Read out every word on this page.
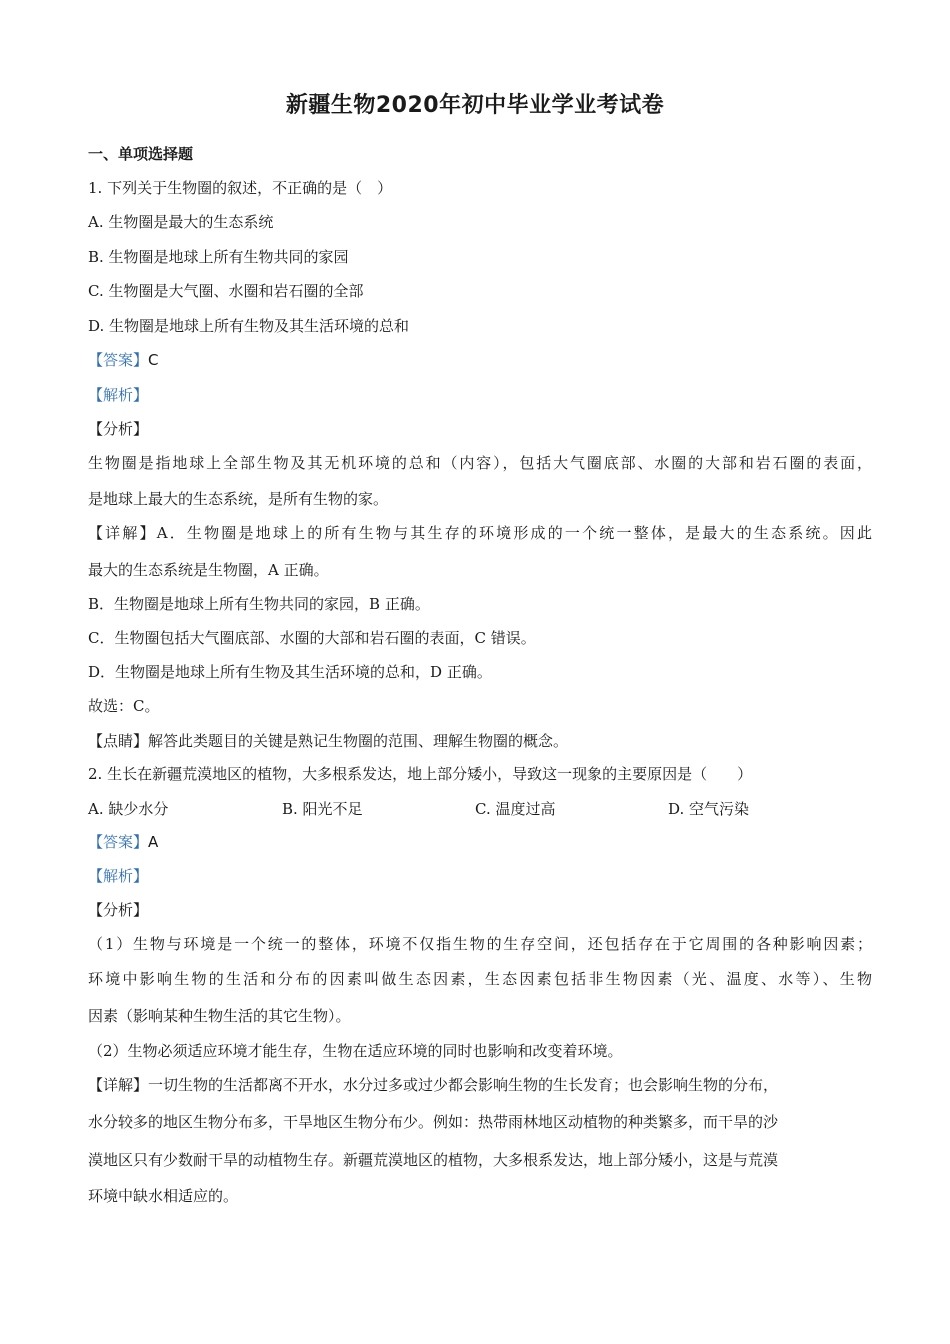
新疆生物2020年初中毕业学业考试卷
一、单项选择题
1. 下列关于生物圈的叙述，不正确的是（　）
A. 生物圈是最大的生态系统
B. 生物圈是地球上所有生物共同的家园
C. 生物圈是大气圈、水圈和岩石圈的全部
D. 生物圈是地球上所有生物及其生活环境的总和
【答案】C
【解析】
【分析】
生物圈是指地球上全部生物及其无机环境的总和（内容），包括大气圈底部、水圈的大部和岩石圈的表面，
是地球上最大的生态系统，是所有生物的家。
【详解】A．生物圈是地球上的所有生物与其生存的环境形成的一个统一整体，是最大的生态系统。因此
最大的生态系统是生物圈，A 正确。
B．生物圈是地球上所有生物共同的家园，B 正确。
C．生物圈包括大气圈底部、水圈的大部和岩石圈的表面，C 错误。
D．生物圈是地球上所有生物及其生活环境的总和，D 正确。
故选：C。
【点睛】解答此类题目的关键是熟记生物圈的范围、理解生物圈的概念。
2. 生长在新疆荒漠地区的植物，大多根系发达，地上部分矮小，导致这一现象的主要原因是（　　）
A. 缺少水分	B. 阳光不足	C. 温度过高	D. 空气污染
【答案】A
【解析】
【分析】
（1）生物与环境是一个统一的整体，环境不仅指生物的生存空间，还包括存在于它周围的各种影响因素；
环境中影响生物的生活和分布的因素叫做生态因素，生态因素包括非生物因素（光、温度、水等）、生物
因素（影响某种生物生活的其它生物）。
（2）生物必须适应环境才能生存，生物在适应环境的同时也影响和改变着环境。
【详解】一切生物的生活都离不开水，水分过多或过少都会影响生物的生长发育；也会影响生物的分布，
水分较多的地区生物分布多，干旱地区生物分布少。例如：热带雨林地区动植物的种类繁多，而干旱的沙
漠地区只有少数耐干旱的动植物生存。新疆荒漠地区的植物，大多根系发达，地上部分矮小，这是与荒漠
环境中缺水相适应的。
